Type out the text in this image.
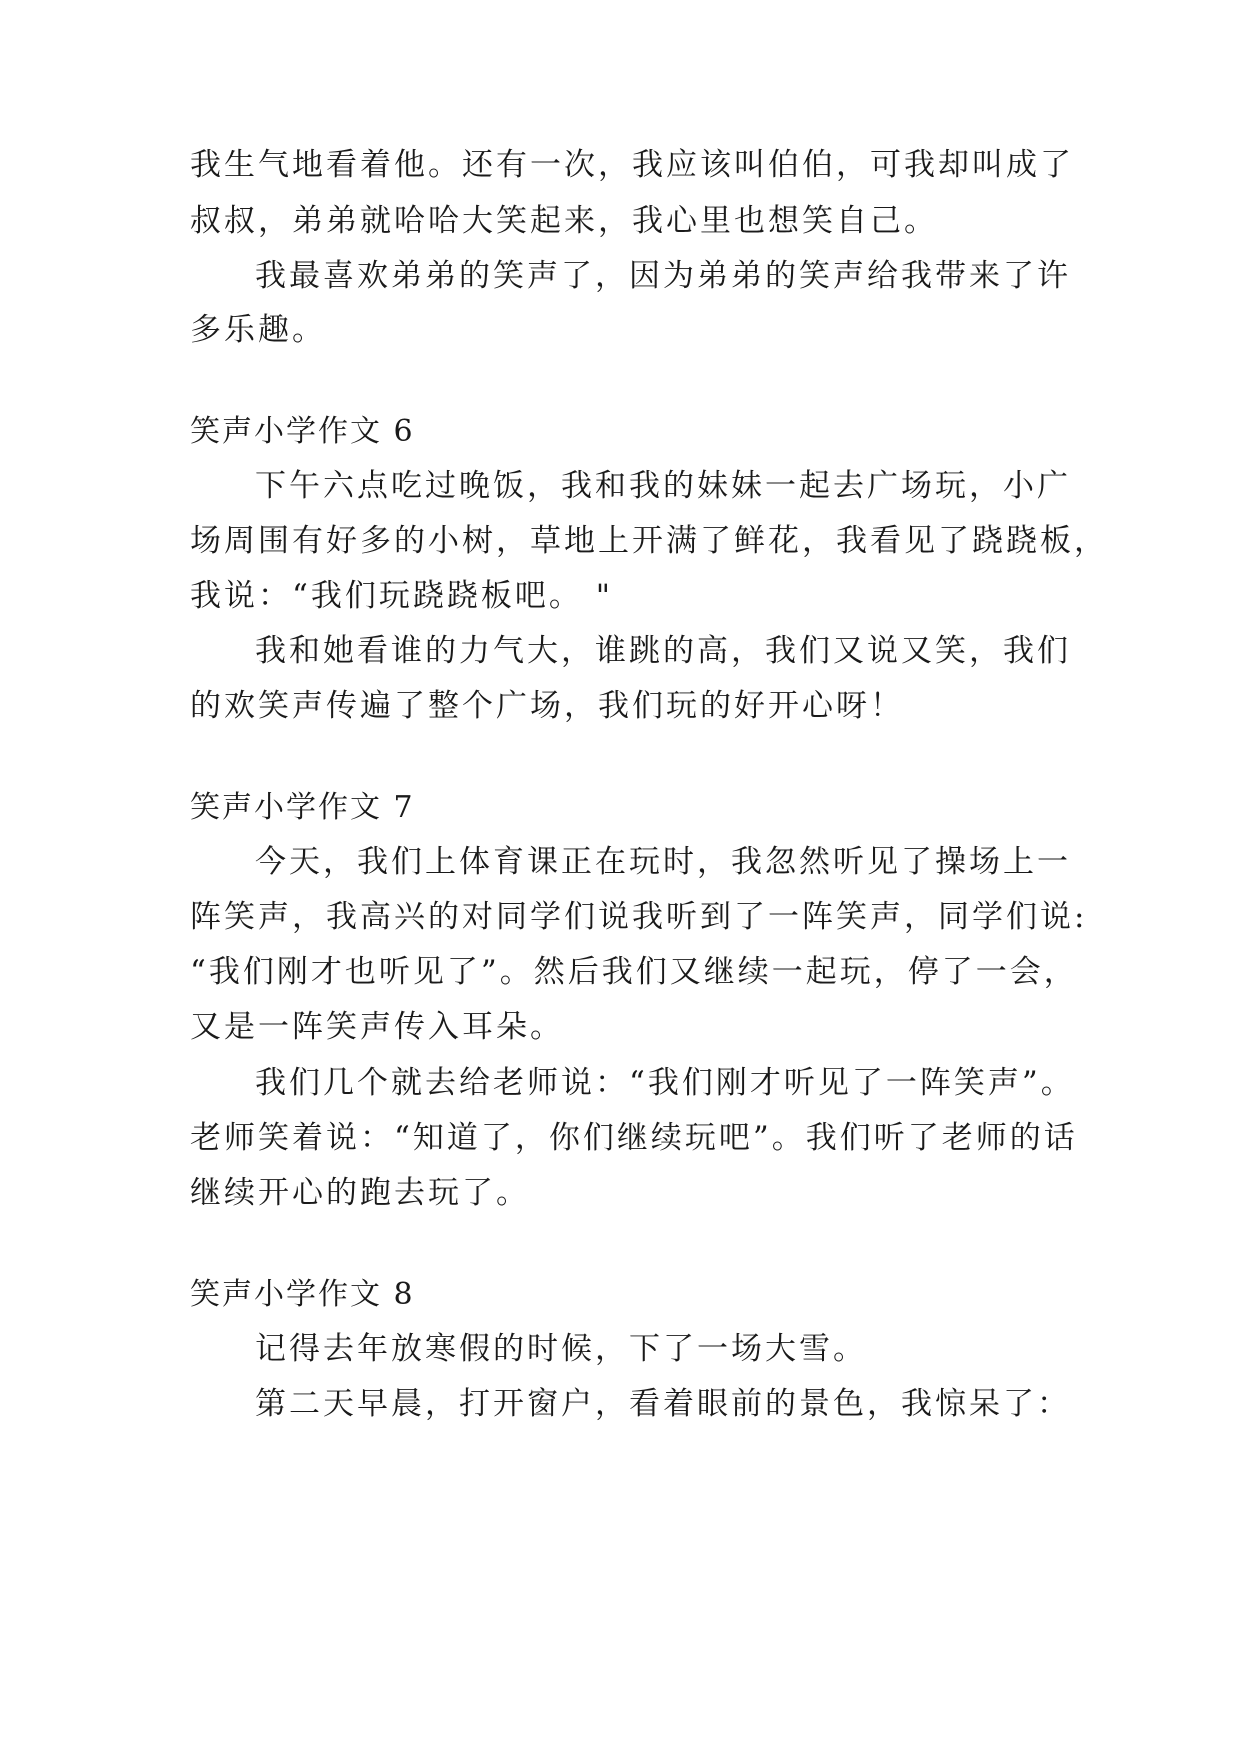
我生气地看着他。还有一次，我应该叫伯伯，可我却叫成了
叔叔，弟弟就哈哈大笑起来，我心里也想笑自己。
我最喜欢弟弟的笑声了，因为弟弟的笑声给我带来了许
多乐趣。
笑声小学作文 6
下午六点吃过晚饭，我和我的妹妹一起去广场玩，小广
场周围有好多的小树，草地上开满了鲜花，我看见了跷跷板，
我说：“我们玩跷跷板吧。 "
我和她看谁的力气大，谁跳的高，我们又说又笑，我们
的欢笑声传遍了整个广场，我们玩的好开心呀！
笑声小学作文 7
今天，我们上体育课正在玩时，我忽然听见了操场上一
阵笑声，我高兴的对同学们说我听到了一阵笑声，同学们说:
“我们刚才也听见了”。然后我们又继续一起玩，停了一会，
又是一阵笑声传入耳朵。
我们几个就去给老师说：“我们刚才听见了一阵笑声”。
老师笑着说：“知道了，你们继续玩吧”。我们听了老师的话
继续开心的跑去玩了。
笑声小学作文 8
记得去年放寒假的时候，下了一场大雪。
第二天早晨，打开窗户，看着眼前的景色，我惊呆了：
